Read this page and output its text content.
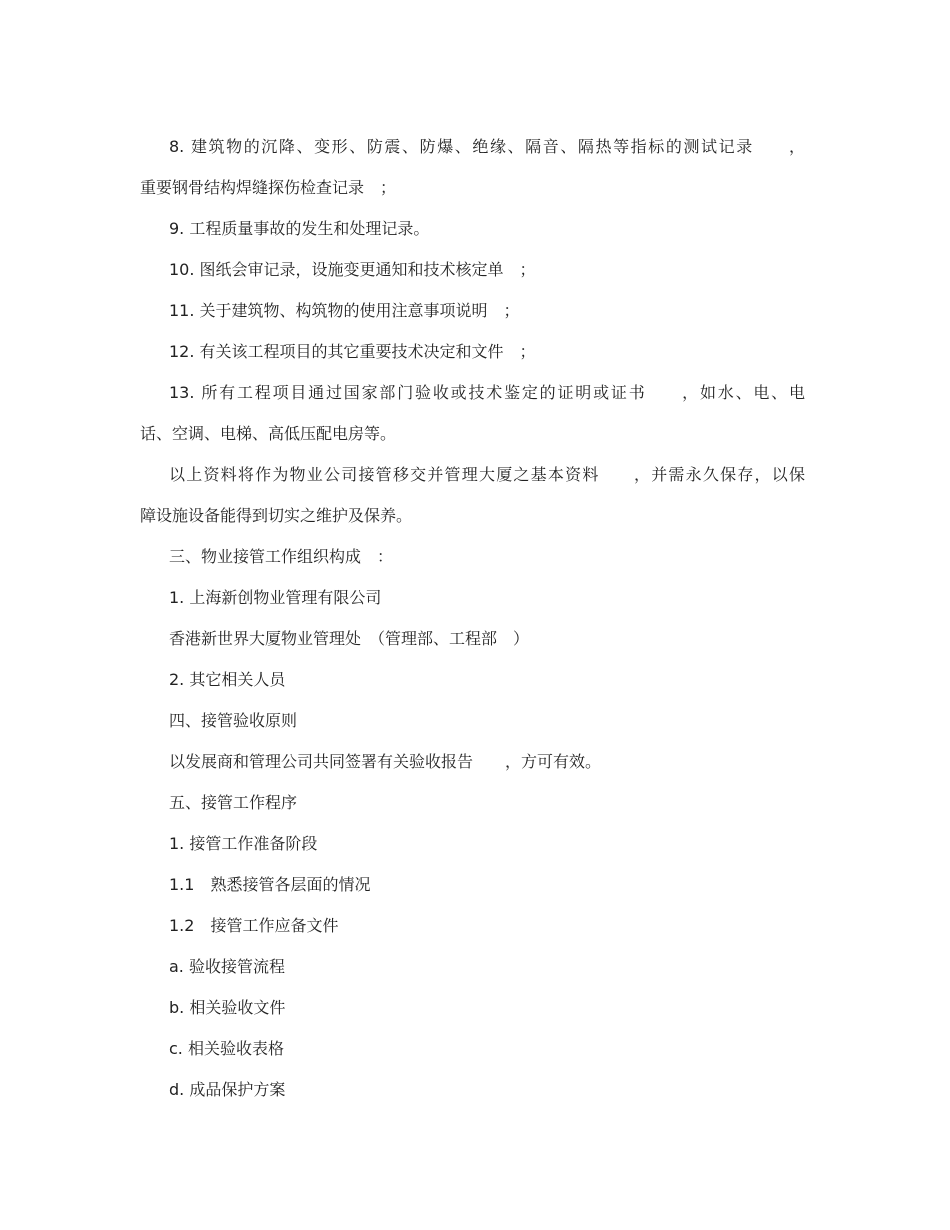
8. 建筑物的沉降、变形、防震、防爆、绝缘、隔音、隔热等指标的测试记录　　，

重要钢骨结构焊缝探伤检查记录　；

9. 工程质量事故的发生和处理记录。

10. 图纸会审记录，设施变更通知和技术核定单　；

11. 关于建筑物、构筑物的使用注意事项说明　；

12. 有关该工程项目的其它重要技术决定和文件　；

13. 所有工程项目通过国家部门验收或技术鉴定的证明或证书　　，如水、电、电

话、空调、电梯、高低压配电房等。

以上资料将作为物业公司接管移交并管理大厦之基本资料　　，并需永久保存，以保

障设施设备能得到切实之维护及保养。

三、物业接管工作组织构成　：

1. 上海新创物业管理有限公司

香港新世界大厦物业管理处　（管理部、工程部　）

2. 其它相关人员

四、接管验收原则

以发展商和管理公司共同签署有关验收报告　　，方可有效。

五、接管工作程序

1. 接管工作准备阶段

1.1　熟悉接管各层面的情况

1.2　接管工作应备文件

a. 验收接管流程

b. 相关验收文件

c. 相关验收表格

d. 成品保护方案
